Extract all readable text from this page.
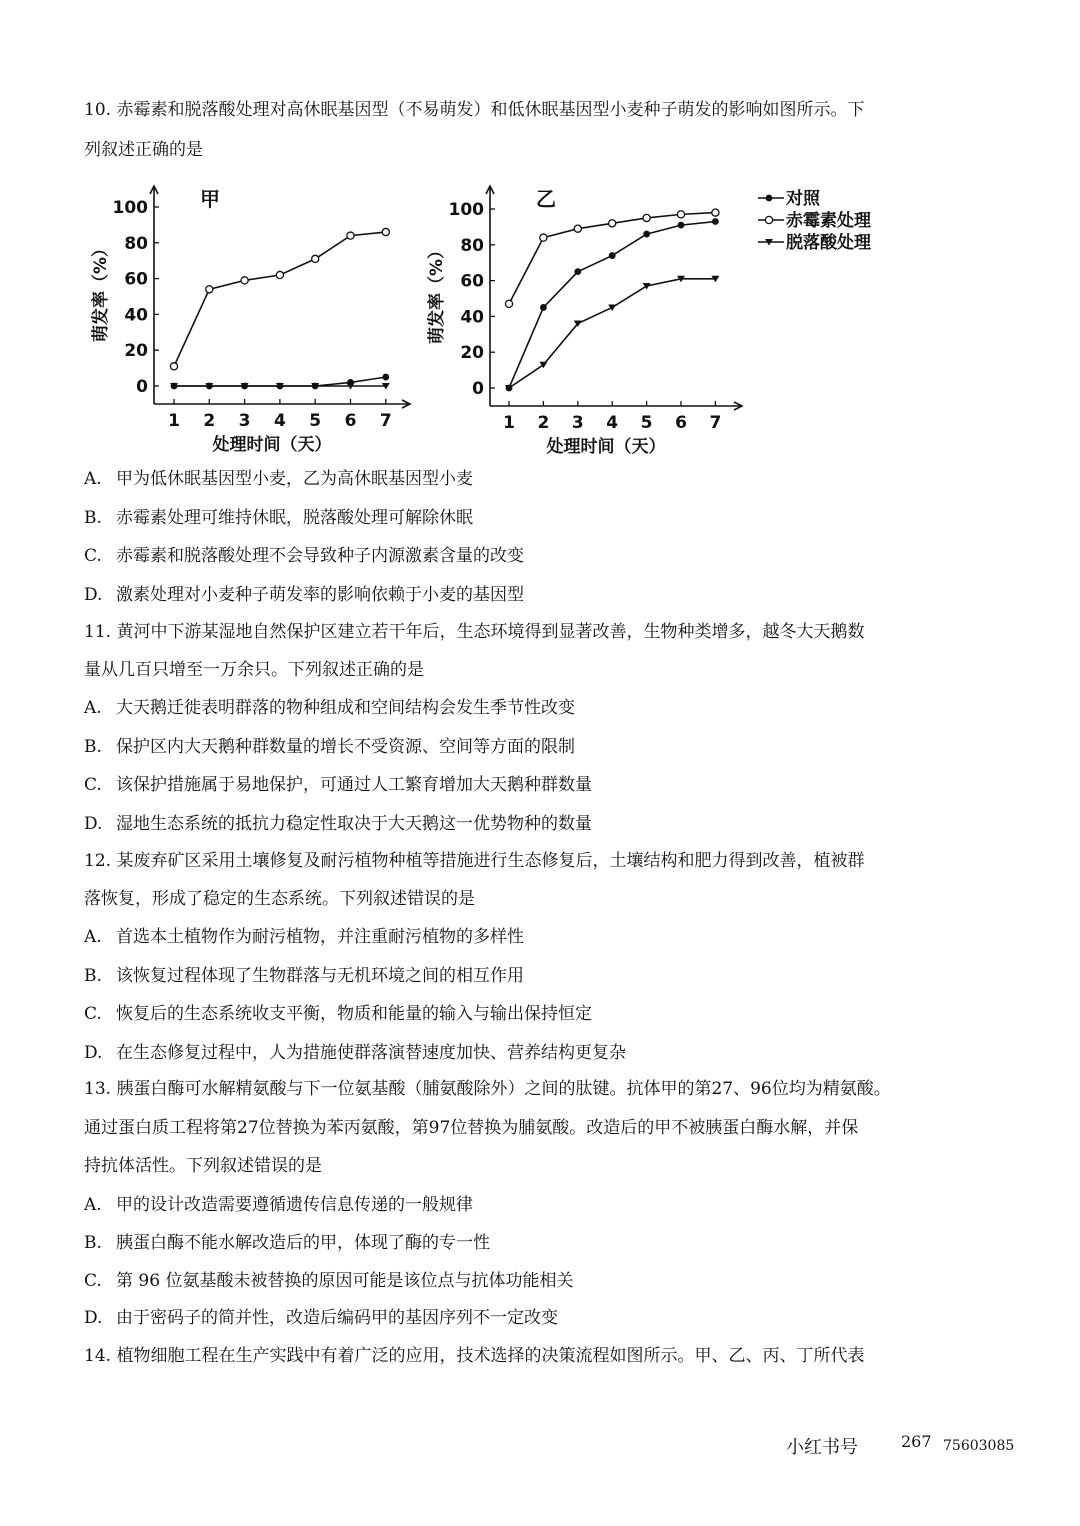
10. 赤霉素和脱落酸处理对高休眠基因型（不易萌发）和低休眠基因型小麦种子萌发的影响如图所示。下
列叙述正确的是
0
20
40
60
80
100
1 2 3 4 5 6 7
处理时间（天）
萌发率（%）
甲
0
20
40
60
80
100
1 2 3 4 5 6 7
处理时间（天）
萌发率（%）
乙	对照
赤霉素处理
脱落酸处理
A. 甲为低休眠基因型小麦，乙为高休眠基因型小麦
B. 赤霉素处理可维持休眠，脱落酸处理可解除休眠
C. 赤霉素和脱落酸处理不会导致种子内源激素含量的改变
D. 激素处理对小麦种子萌发率的影响依赖于小麦的基因型
11. 黄河中下游某湿地自然保护区建立若干年后，生态环境得到显著改善，生物种类增多，越冬大天鹅数
量从几百只增至一万余只。下列叙述正确的是
A. 大天鹅迁徙表明群落的物种组成和空间结构会发生季节性改变
B. 保护区内大天鹅种群数量的增长不受资源、空间等方面的限制
C. 该保护措施属于易地保护，可通过人工繁育增加大天鹅种群数量
D. 湿地生态系统的抵抗力稳定性取决于大天鹅这一优势物种的数量
12. 某废弃矿区采用土壤修复及耐污植物种植等措施进行生态修复后，土壤结构和肥力得到改善，植被群
落恢复，形成了稳定的生态系统。下列叙述错误的是
A. 首选本土植物作为耐污植物，并注重耐污植物的多样性
B. 该恢复过程体现了生物群落与无机环境之间的相互作用
C. 恢复后的生态系统收支平衡，物质和能量的输入与输出保持恒定
D. 在生态修复过程中，人为措施使群落演替速度加快、营养结构更复杂
13. 胰蛋白酶可水解精氨酸与下一位氨基酸（脯氨酸除外）之间的肽键。抗体甲的第27、96位均为精氨酸。
通过蛋白质工程将第27位替换为苯丙氨酸，第97位替换为脯氨酸。改造后的甲不被胰蛋白酶水解，并保
持抗体活性。下列叙述错误的是
A. 甲的设计改造需要遵循遗传信息传递的一般规律
B. 胰蛋白酶不能水解改造后的甲，体现了酶的专一性
C. 第 96 位氨基酸未被替换的原因可能是该位点与抗体功能相关
D. 由于密码子的简并性，改造后编码甲的基因序列不一定改变
14. 植物细胞工程在生产实践中有着广泛的应用，技术选择的决策流程如图所示。甲、乙、丙、丁所代表
小红书号	267 75603085
